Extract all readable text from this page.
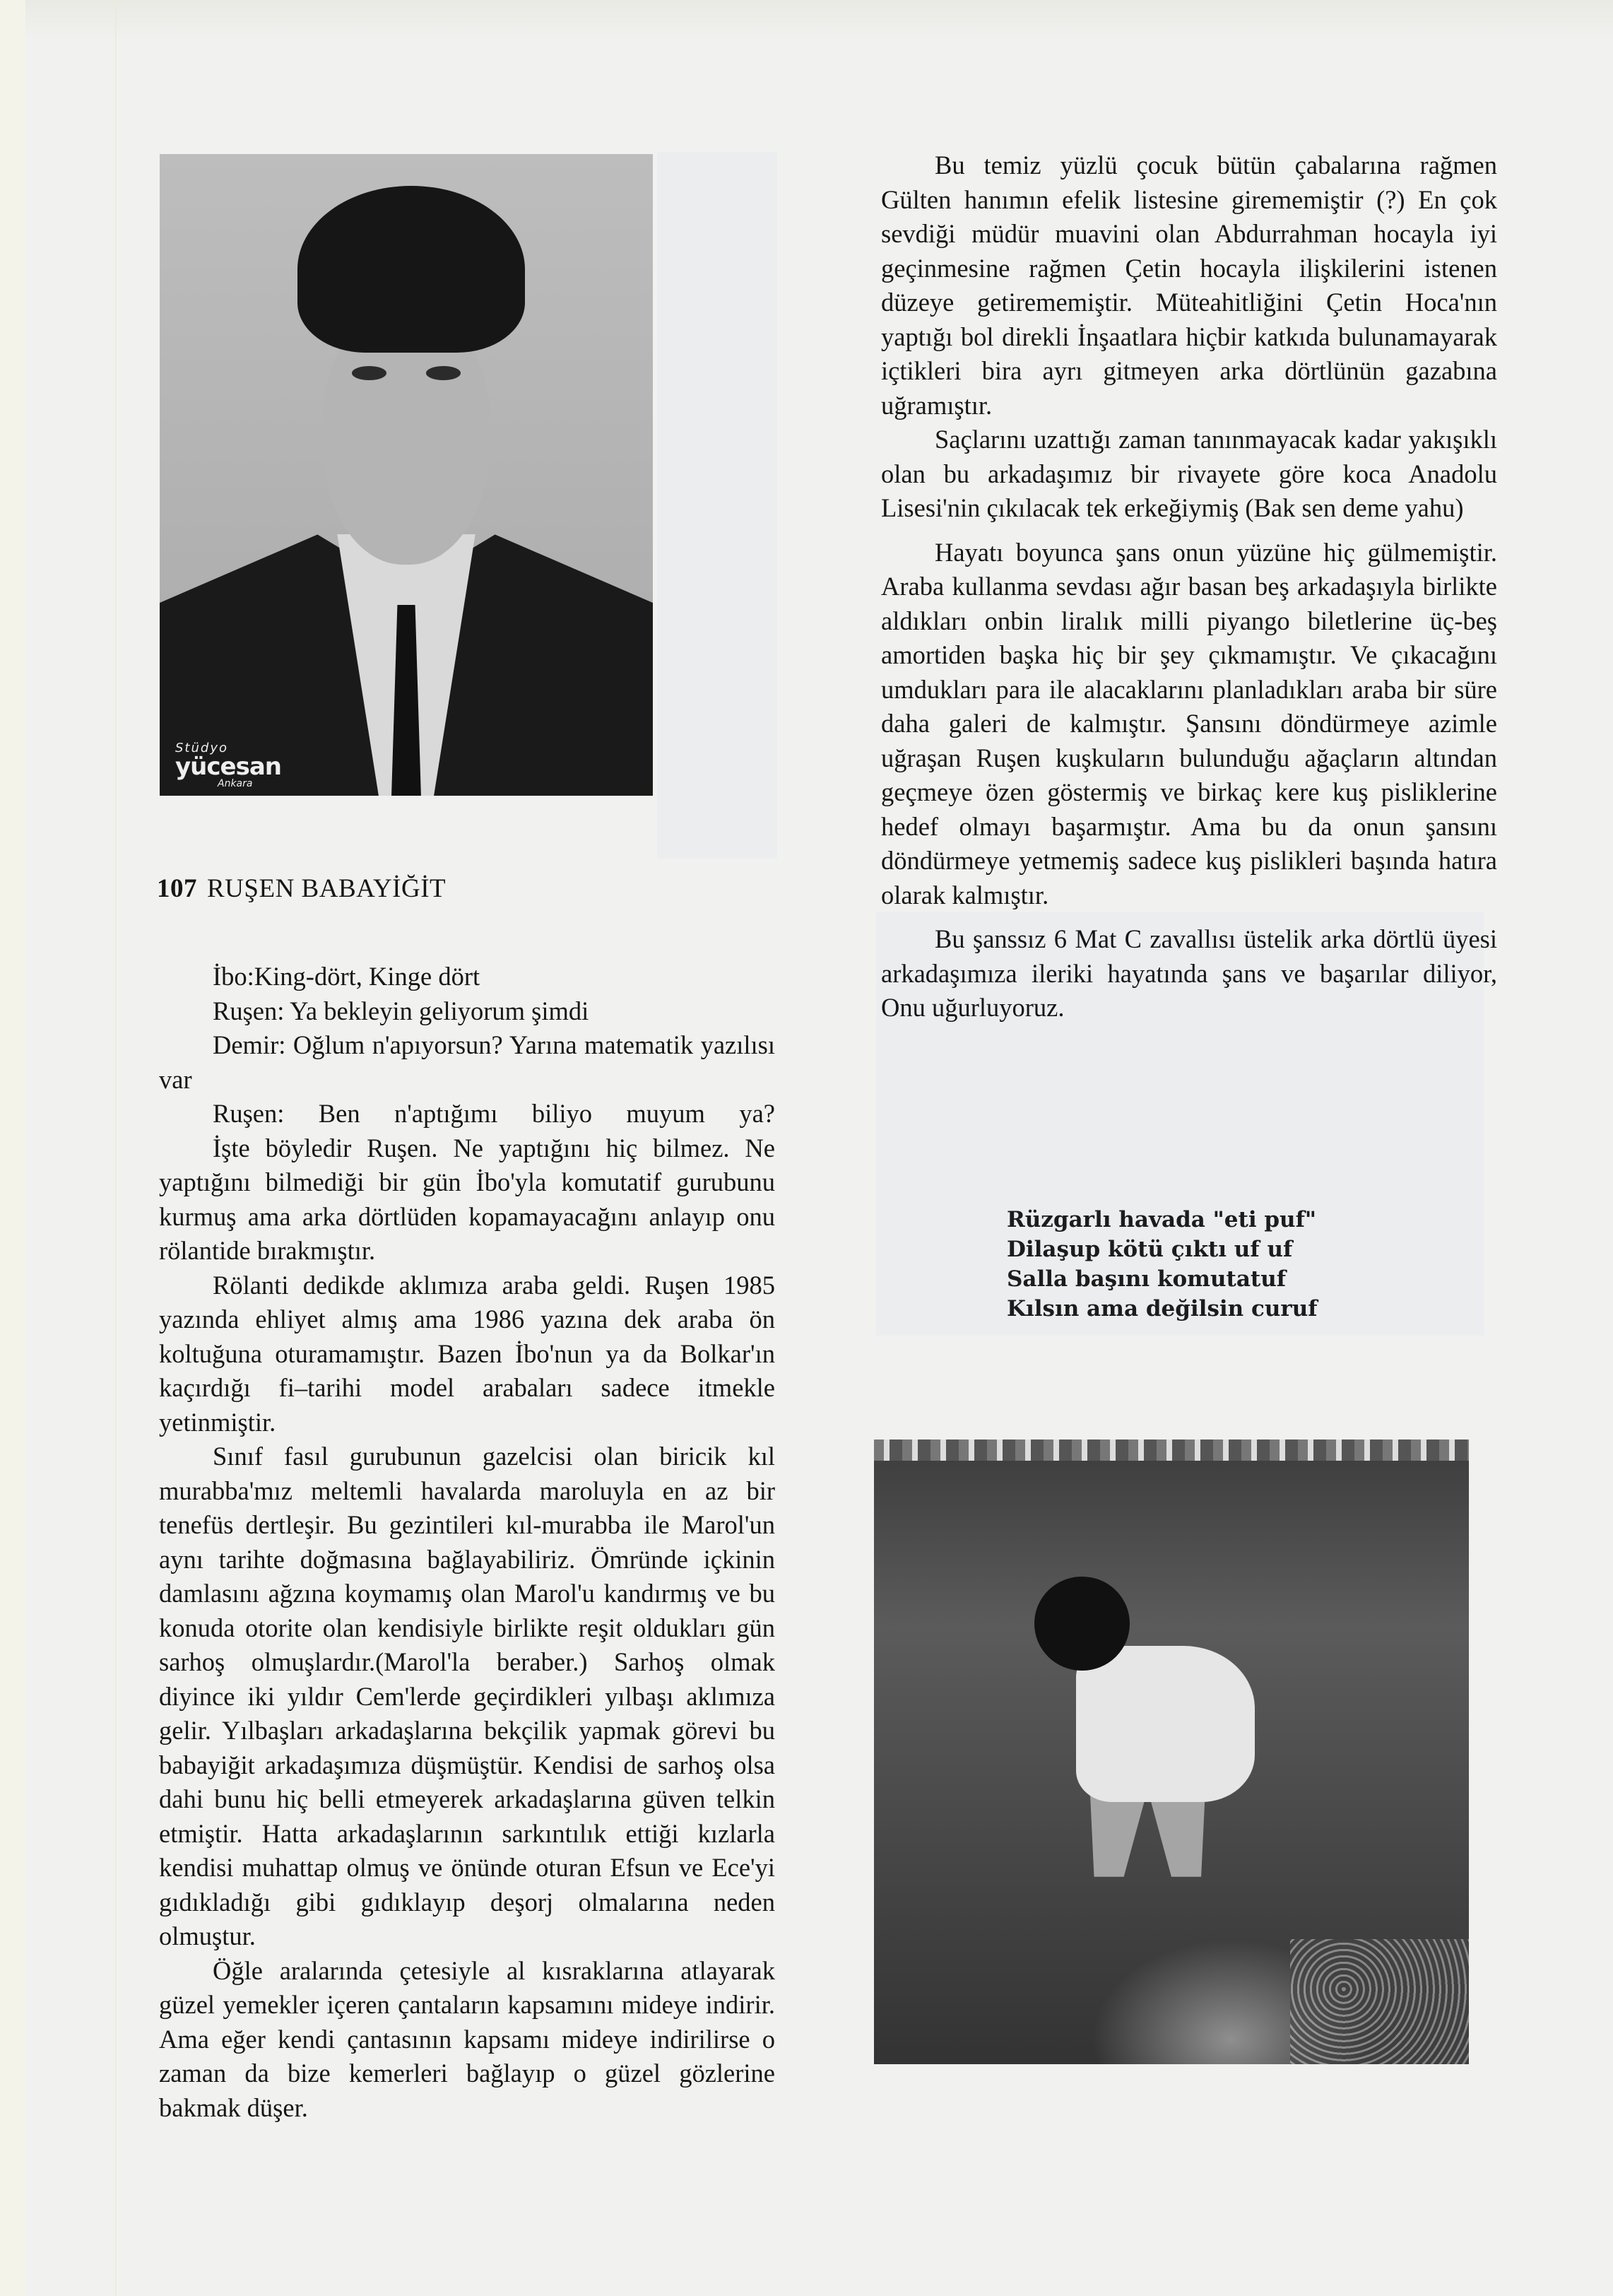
Stüdyo
yücesan
Ankara
107 RUŞEN BABAYİĞİT

İbo:King-dört, Kinge dört

Ruşen: Ya bekleyin geliyorum şimdi

Demir: Oğlum n'apıyorsun? Yarına matematik yazılısı var

Ruşen: Ben n'aptığımı biliyo muyum ya?

İşte böyledir Ruşen. Ne yaptığını hiç bilmez. Ne yaptığını bilmediği bir gün İbo'yla komutatif gurubunu kurmuş ama arka dörtlüden kopamayacağını anlayıp onu rölantide bırakmıştır.

Rölanti dedikde aklımıza araba geldi. Ruşen 1985 yazında ehliyet almış ama 1986 yazına dek araba ön koltuğuna oturamamıştır. Bazen İbo'nun ya da Bolkar'ın kaçırdığı fi–tarihi model arabaları sadece itmekle yetinmiştir.

Sınıf fasıl gurubunun gazelcisi olan biricik kıl murabba'mız meltemli havalarda maroluyla en az bir tenefüs dertleşir. Bu gezintileri kıl-murabba ile Marol'un aynı tarihte doğmasına bağlayabiliriz. Ömründe içkinin damlasını ağzına koymamış olan Marol'u kandırmış ve bu konuda otorite olan kendisiyle birlikte reşit oldukları gün sarhoş olmuşlardır.(Marol'la beraber.) Sarhoş olmak diyince iki yıldır Cem'lerde geçirdikleri yılbaşı aklımıza gelir. Yılbaşları arkadaşlarına bekçilik yapmak görevi bu babayiğit arkadaşımıza düşmüştür. Kendisi de sarhoş olsa dahi bunu hiç belli etmeyerek arkadaşlarına güven telkin etmiştir. Hatta arkadaşlarının sarkıntılık ettiği kızlarla kendisi muhattap olmuş ve önünde oturan Efsun ve Ece'yi gıdıkladığı gibi gıdıklayıp deşorj olmalarına neden olmuştur.

Öğle aralarında çetesiyle al kısraklarına atlayarak güzel yemekler içeren çantaların kapsamını mideye indirir. Ama eğer kendi çantasının kapsamı mideye indirilirse o zaman da bize kemerleri bağlayıp o güzel gözlerine bakmak düşer.

Bu temiz yüzlü çocuk bütün çabalarına rağmen Gülten hanımın efelik listesine girememiştir (?) En çok sevdiği müdür muavini olan Abdurrahman hocayla iyi geçinmesine rağmen Çetin hocayla ilişkilerini istenen düzeye getirememiştir. Müteahitliğini Çetin Hoca'nın yaptığı bol direkli İnşaatlara hiçbir katkıda bulunamayarak içtikleri bira ayrı gitmeyen arka dörtlünün gazabına uğramıştır.

Saçlarını uzattığı zaman tanınmayacak kadar yakışıklı olan bu arkadaşımız bir rivayete göre koca Anadolu Lisesi'nin çıkılacak tek erkeğiymiş (Bak sen deme yahu)

Hayatı boyunca şans onun yüzüne hiç gülmemiştir. Araba kullanma sevdası ağır basan beş arkadaşıyla birlikte aldıkları onbin liralık milli piyango biletlerine üç-beş amortiden başka hiç bir şey çıkmamıştır. Ve çıkacağını umdukları para ile alacaklarını planladıkları araba bir süre daha galeri de kalmıştır. Şansını döndürmeye azimle uğraşan Ruşen kuşkuların bulunduğu ağaçların altından geçmeye özen göstermiş ve birkaç kere kuş pisliklerine hedef olmayı başarmıştır. Ama bu da onun şansını döndürmeye yetmemiş sadece kuş pislikleri başında hatıra olarak kalmıştır.

Bu şanssız 6 Mat C zavallısı üstelik arka dörtlü üyesi arkadaşımıza ileriki hayatında şans ve başarılar diliyor, Onu uğurluyoruz.

Rüzgarlı havada "eti puf"
Dilaşup kötü çıktı uf uf
Salla başını komutatuf
Kılsın ama değilsin curuf
